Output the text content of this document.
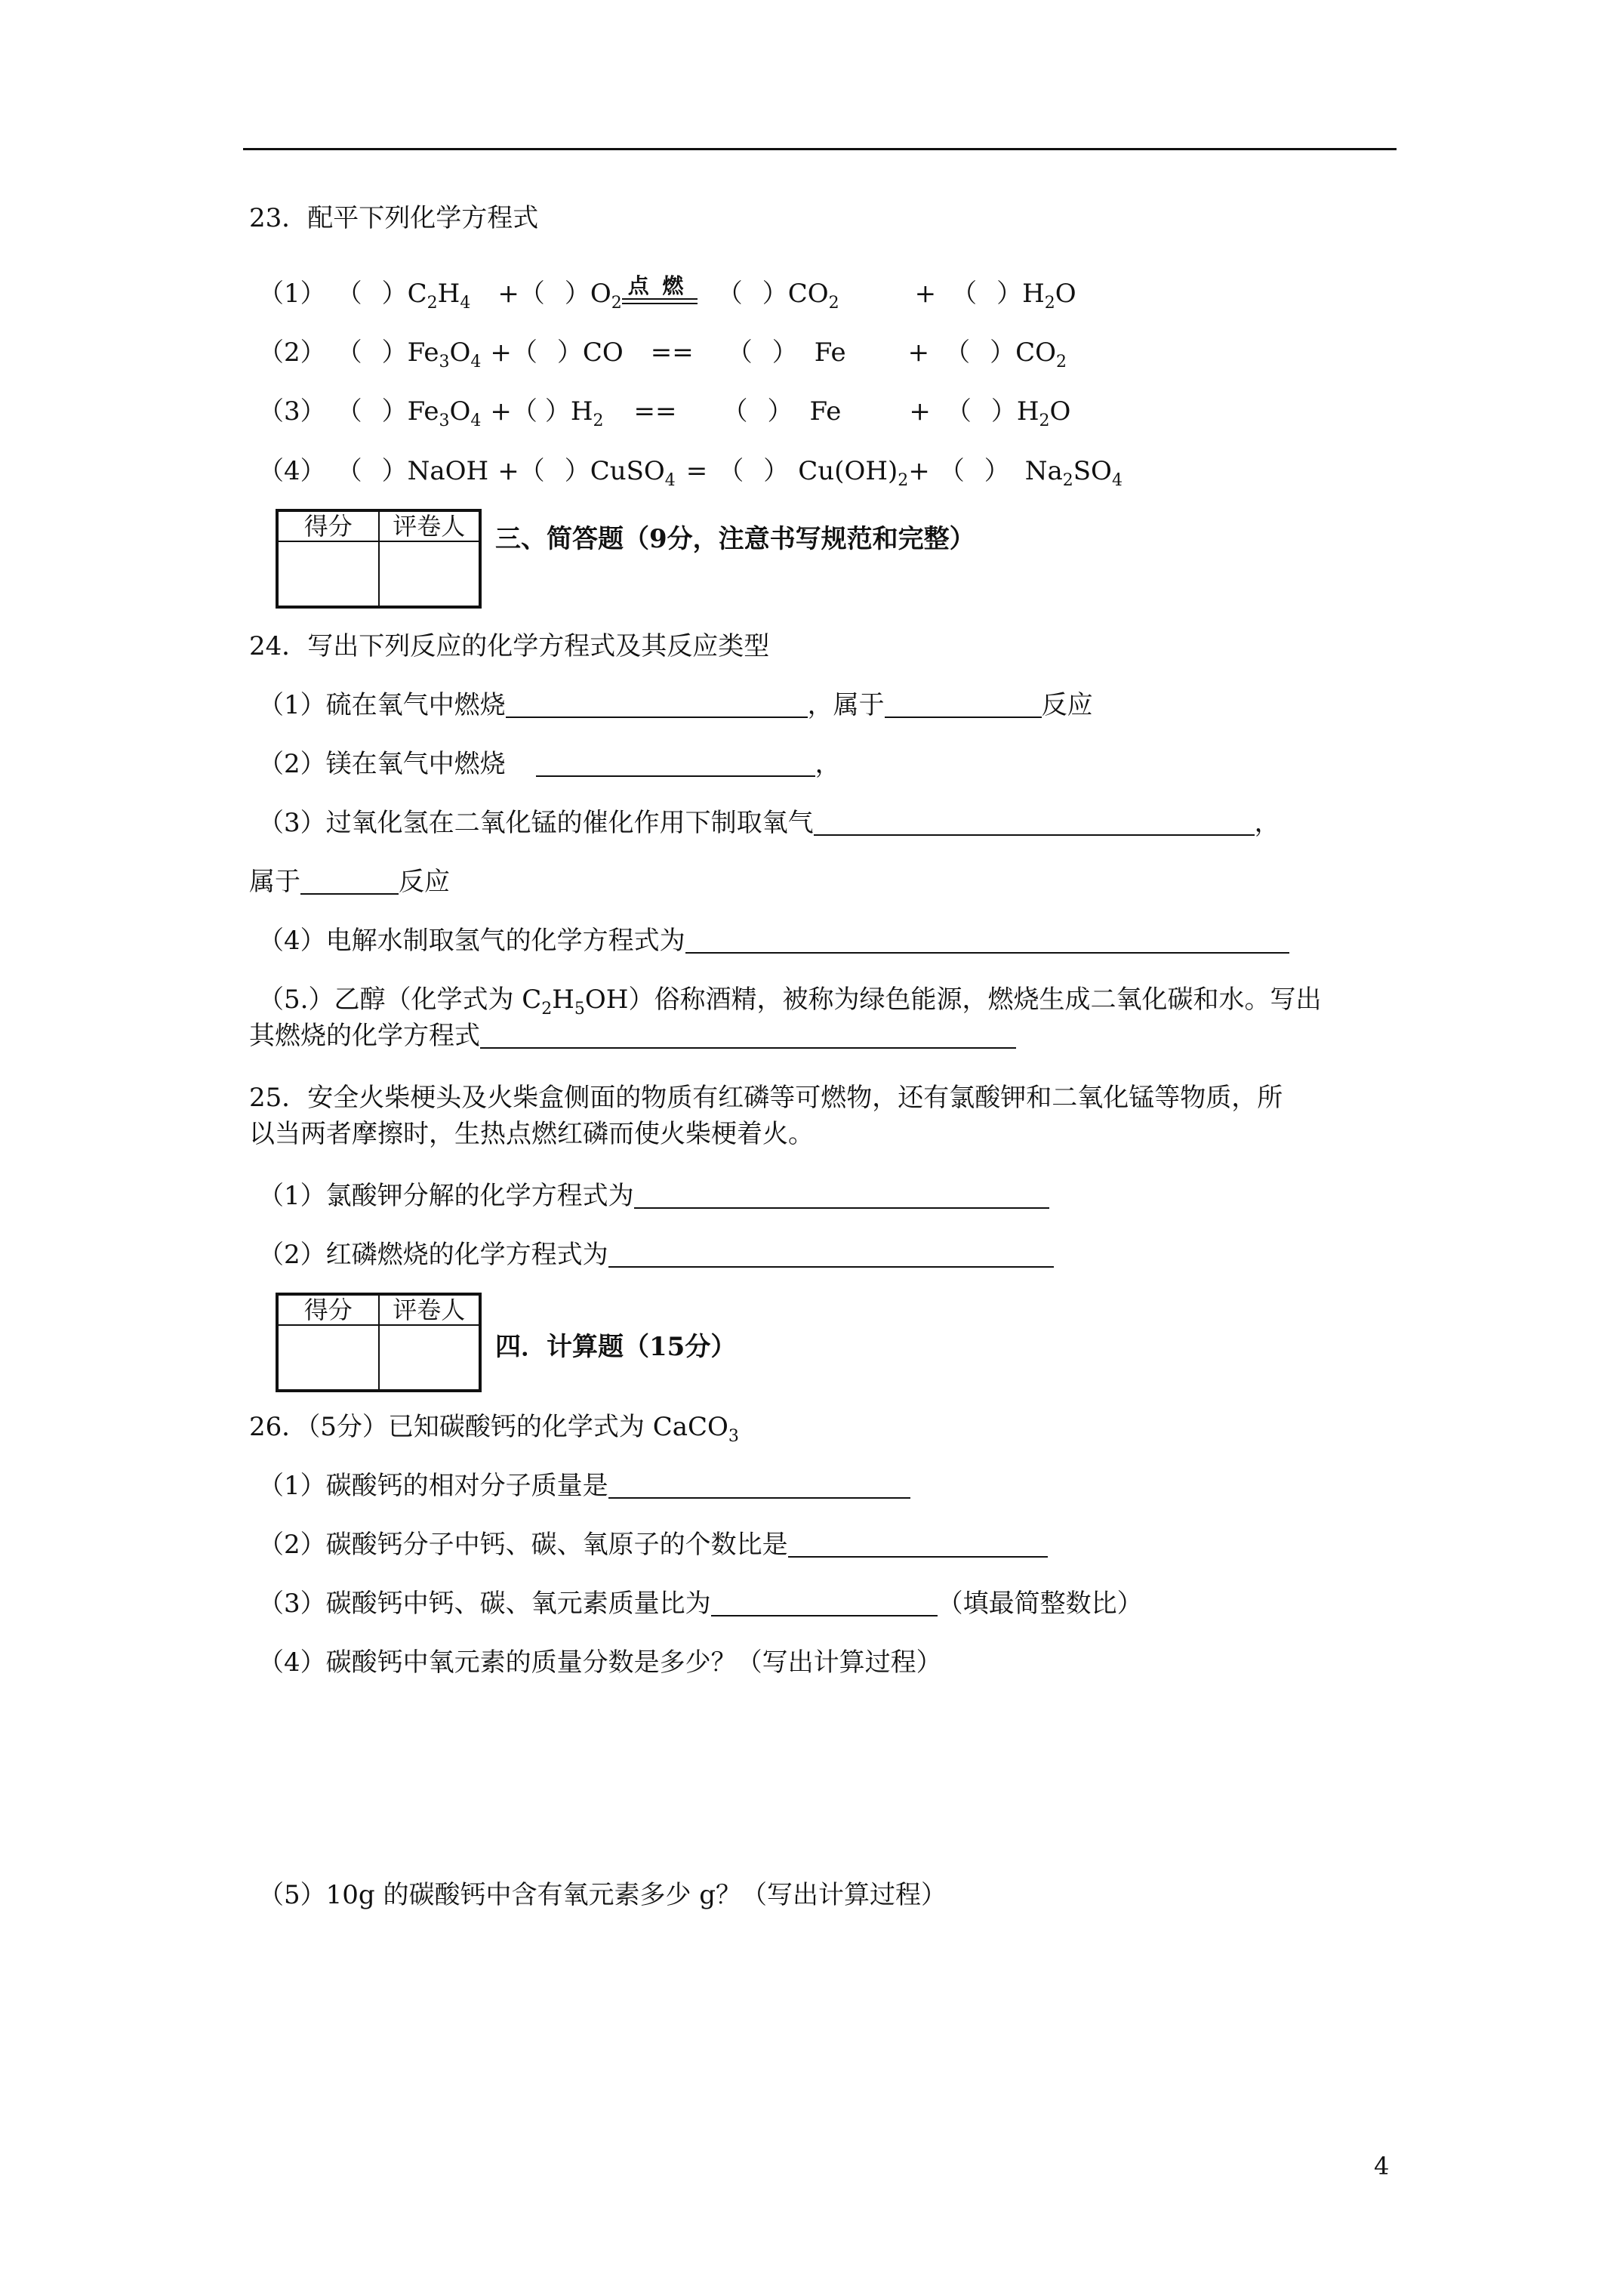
23．配平下列化学方程式
（1） （ ）$C_2H_4$ +（ ）$O_2$
点 燃 （ ）$CO_2$	+ （ ）$H_2O$
（2） （ ）$Fe_3O_4$ +（ ）CO == （ ） Fe + （ ）$CO_2$
（3） （ ）$Fe_3O_4$ +（ ）$H_2$ == （ ） Fe	+ （ ）$H_2O$
（4） （ ）NaOH +（ ）CuSO$_4$ = （ ） $Cu(OH)_2+$ （ ） $Na_2SO_4$
得分	评卷人
	三、简答题（9分，注意书写规范和完整）
24．写出下列反应的化学方程式及其反应类型
（1）硫在氧气中燃烧	，属于	反应
（2）镁在氧气中燃烧	，
（3）过氧化氢在二氧化锰的催化作用下制取氧气	，
属于	反应
（4）电解水制取氢气的化学方程式为
（5.）乙醇（化学式为 $C_2H_5OH$）俗称酒精，被称为绿色能源，燃烧生成二氧化碳和水。写出
其燃烧的化学方程式
25．安全火柴梗头及火柴盒侧面的物质有红磷等可燃物，还有氯酸钾和二氧化锰等物质，所
以当两者摩擦时，生热点燃红磷而使火柴梗着火。
（1）氯酸钾分解的化学方程式为
（2）红磷燃烧的化学方程式为
得分	评卷人

四．计算题（15分）
26．（5分）已知碳酸钙的化学式为 CaCO$_3$
（1）碳酸钙的相对分子质量是
（2）碳酸钙分子中钙、碳、氧原子的个数比是
（3）碳酸钙中钙、碳、氧元素质量比为	（填最简整数比）
（4）碳酸钙中氧元素的质量分数是多少？（写出计算过程）
（5）10g 的碳酸钙中含有氧元素多少 g？（写出计算过程）
4
